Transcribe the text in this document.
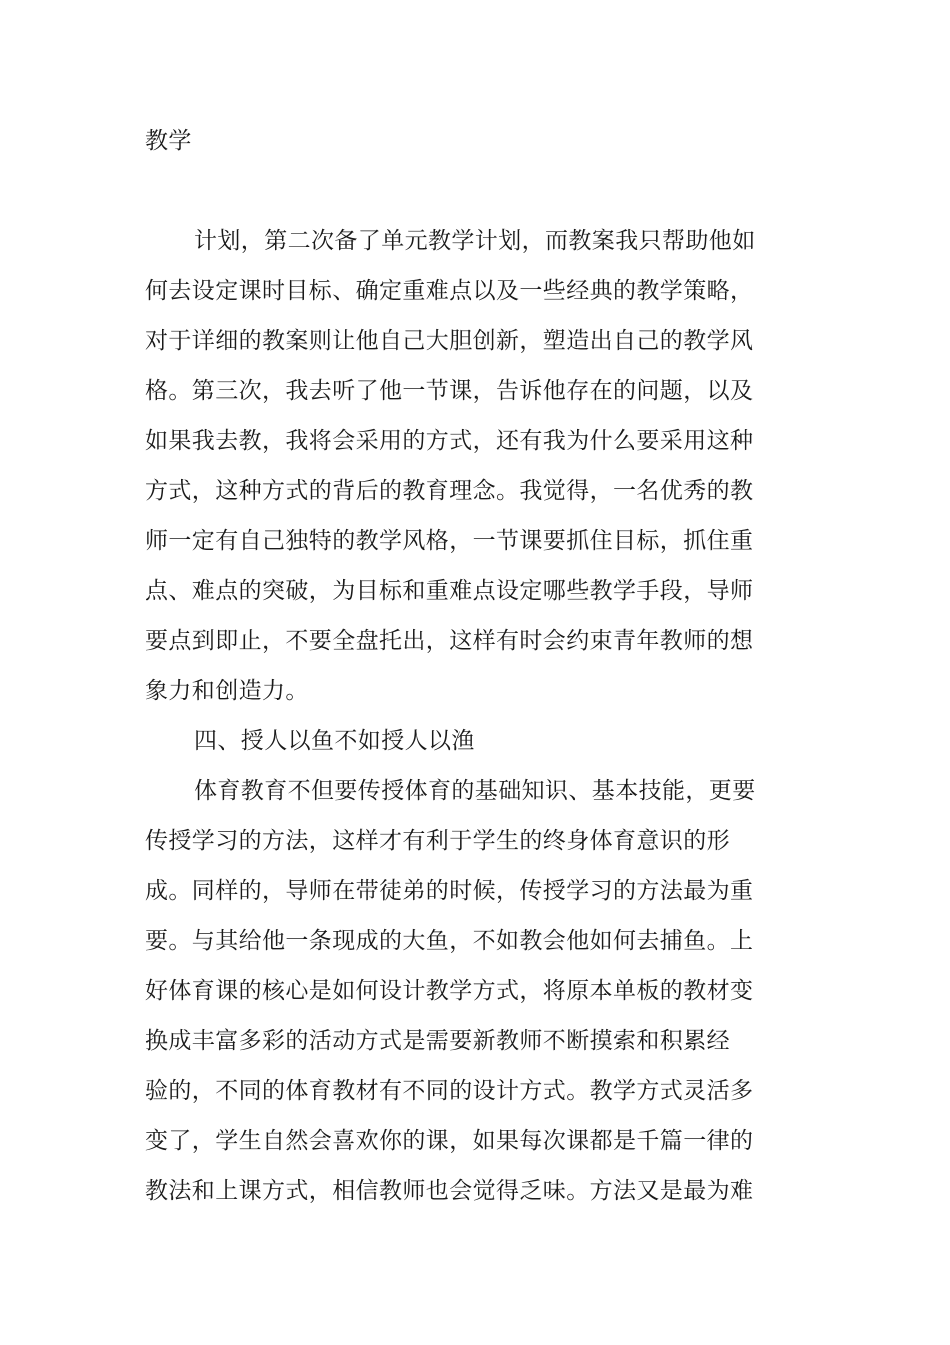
教学
计划，第二次备了单元教学计划，而教案我只帮助他如
何去设定课时目标、确定重难点以及一些经典的教学策略，
对于详细的教案则让他自己大胆创新，塑造出自己的教学风
格。第三次，我去听了他一节课，告诉他存在的问题，以及
如果我去教，我将会采用的方式，还有我为什么要采用这种
方式，这种方式的背后的教育理念。我觉得，一名优秀的教
师一定有自己独特的教学风格，一节课要抓住目标，抓住重
点、难点的突破，为目标和重难点设定哪些教学手段，导师
要点到即止，不要全盘托出，这样有时会约束青年教师的想
象力和创造力。
四、授人以鱼不如授人以渔
体育教育不但要传授体育的基础知识、基本技能，更要
传授学习的方法，这样才有利于学生的终身体育意识的形
成。同样的，导师在带徒弟的时候，传授学习的方法最为重
要。与其给他一条现成的大鱼，不如教会他如何去捕鱼。上
好体育课的核心是如何设计教学方式，将原本单板的教材变
换成丰富多彩的活动方式是需要新教师不断摸索和积累经
验的，不同的体育教材有不同的设计方式。教学方式灵活多
变了，学生自然会喜欢你的课，如果每次课都是千篇一律的
教法和上课方式，相信教师也会觉得乏味。方法又是最为难
